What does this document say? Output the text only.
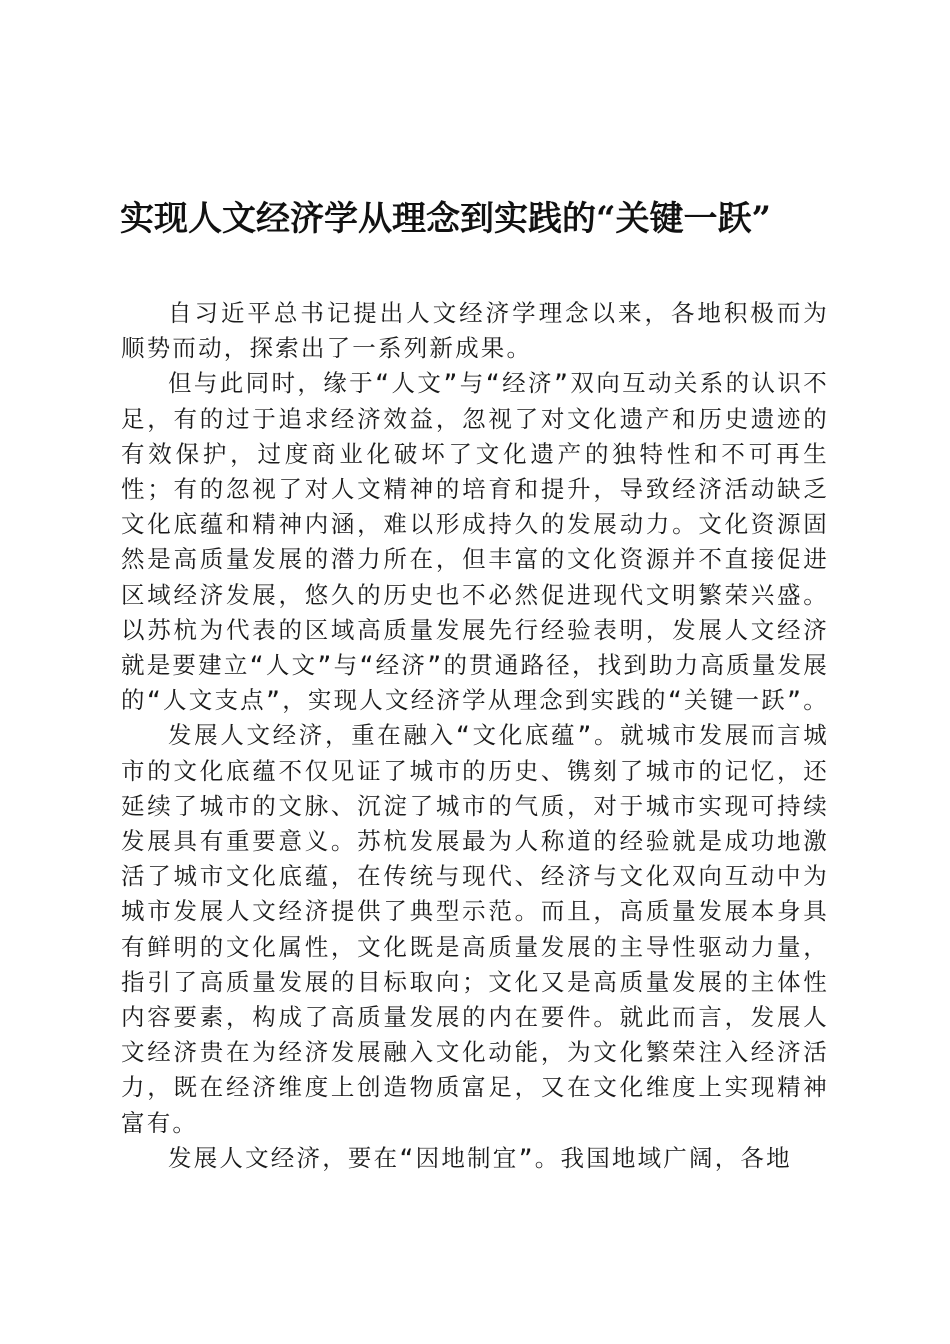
实现人文经济学从理念到实践的“关键一跃”

自习近平总书记提出人文经济学理念以来，各地积极而为顺势而动，探索出了一系列新成果。

但与此同时，缘于“人文”与“经济”双向互动关系的认识不足，有的过于追求经济效益，忽视了对文化遗产和历史遗迹的有效保护，过度商业化破坏了文化遗产的独特性和不可再生性；有的忽视了对人文精神的培育和提升，导致经济活动缺乏文化底蕴和精神内涵，难以形成持久的发展动力。文化资源固然是高质量发展的潜力所在，但丰富的文化资源并不直接促进区域经济发展，悠久的历史也不必然促进现代文明繁荣兴盛。以苏杭为代表的区域高质量发展先行经验表明，发展人文经济就是要建立“人文”与“经济”的贯通路径，找到助力高质量发展的“人文支点”，实现人文经济学从理念到实践的“关键一跃”。

发展人文经济，重在融入“文化底蕴”。就城市发展而言城市的文化底蕴不仅见证了城市的历史、镌刻了城市的记忆，还延续了城市的文脉、沉淀了城市的气质，对于城市实现可持续发展具有重要意义。苏杭发展最为人称道的经验就是成功地激活了城市文化底蕴，在传统与现代、经济与文化双向互动中为城市发展人文经济提供了典型示范。而且，高质量发展本身具有鲜明的文化属性，文化既是高质量发展的主导性驱动力量，指引了高质量发展的目标取向；文化又是高质量发展的主体性内容要素，构成了高质量发展的内在要件。就此而言，发展人文经济贵在为经济发展融入文化动能，为文化繁荣注入经济活力，既在经济维度上创造物质富足，又在文化维度上实现精神富有。

发展人文经济，要在“因地制宜”。我国地域广阔，各地
